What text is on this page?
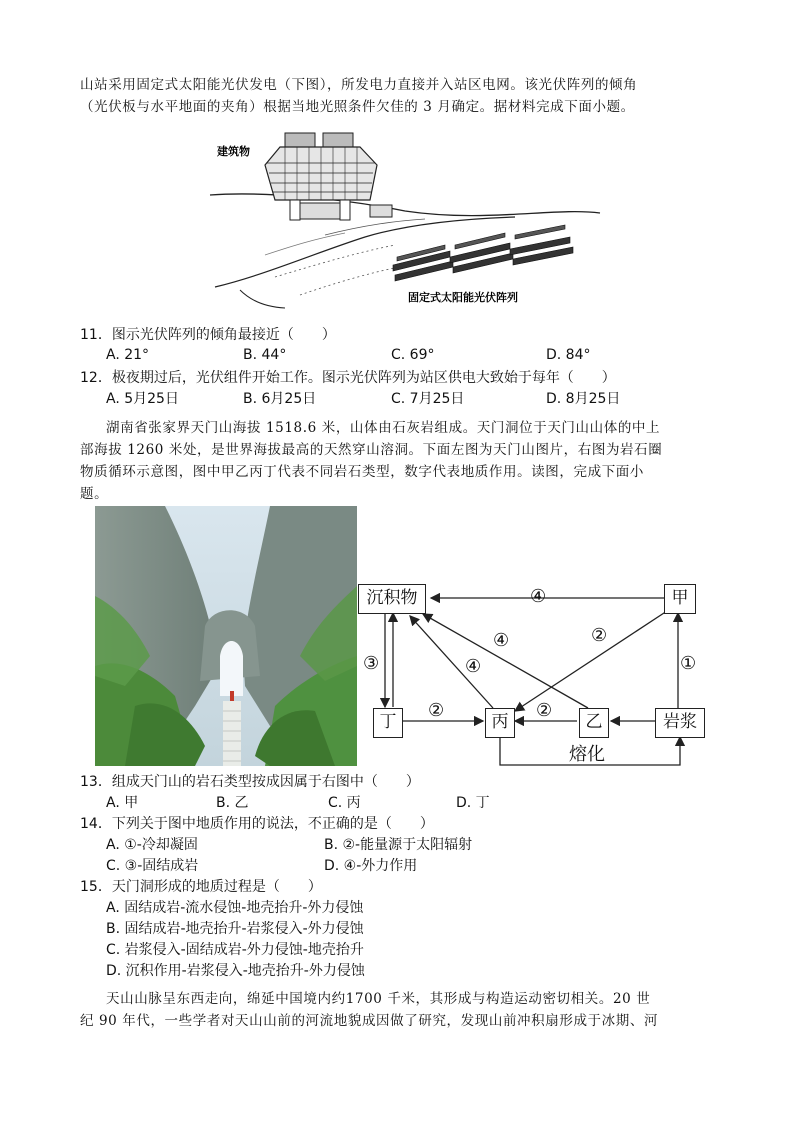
山站采用固定式太阳能光伏发电（下图），所发电力直接并入站区电网。该光伏阵列的倾角
（光伏板与水平地面的夹角）根据当地光照条件欠佳的 3 月确定。据材料完成下面小题。
建筑物
固定式太阳能光伏阵列
11．图示光伏阵列的倾角最接近（　　）
A. 21°	B. 44°	C. 69°	D. 84°
12．极夜期过后，光伏组件开始工作。图示光伏阵列为站区供电大致始于每年（　　）
A. 5月25日	B. 6月25日	C. 7月25日	D. 8月25日
湖南省张家界天门山海拔 1518.6 米，山体由石灰岩组成。天门洞位于天门山山体的中上
部海拔 1260 米处，是世界海拔最高的天然穿山溶洞。下面左图为天门山图片，右图为岩石圈
物质循环示意图，图中甲乙丙丁代表不同岩石类型，数字代表地质作用。读图，完成下面小
题。
沉积物	甲
丁	丙	乙	岩浆
④
②
④
④
③	①
②	②
熔化
13．组成天门山的岩石类型按成因属于右图中（　　）
A. 甲	B. 乙	C. 丙	D. 丁
14．下列关于图中地质作用的说法，不正确的是（　　）
A. ①-冷却凝固	B. ②-能量源于太阳辐射
C. ③-固结成岩	D. ④-外力作用
15．天门洞形成的地质过程是（　　）
A. 固结成岩-流水侵蚀-地壳抬升-外力侵蚀
B. 固结成岩-地壳抬升-岩浆侵入-外力侵蚀
C. 岩浆侵入-固结成岩-外力侵蚀-地壳抬升
D. 沉积作用-岩浆侵入-地壳抬升-外力侵蚀
天山山脉呈东西走向，绵延中国境内约1700 千米，其形成与构造运动密切相关。20 世
纪 90 年代，一些学者对天山山前的河流地貌成因做了研究，发现山前冲积扇形成于冰期、河
